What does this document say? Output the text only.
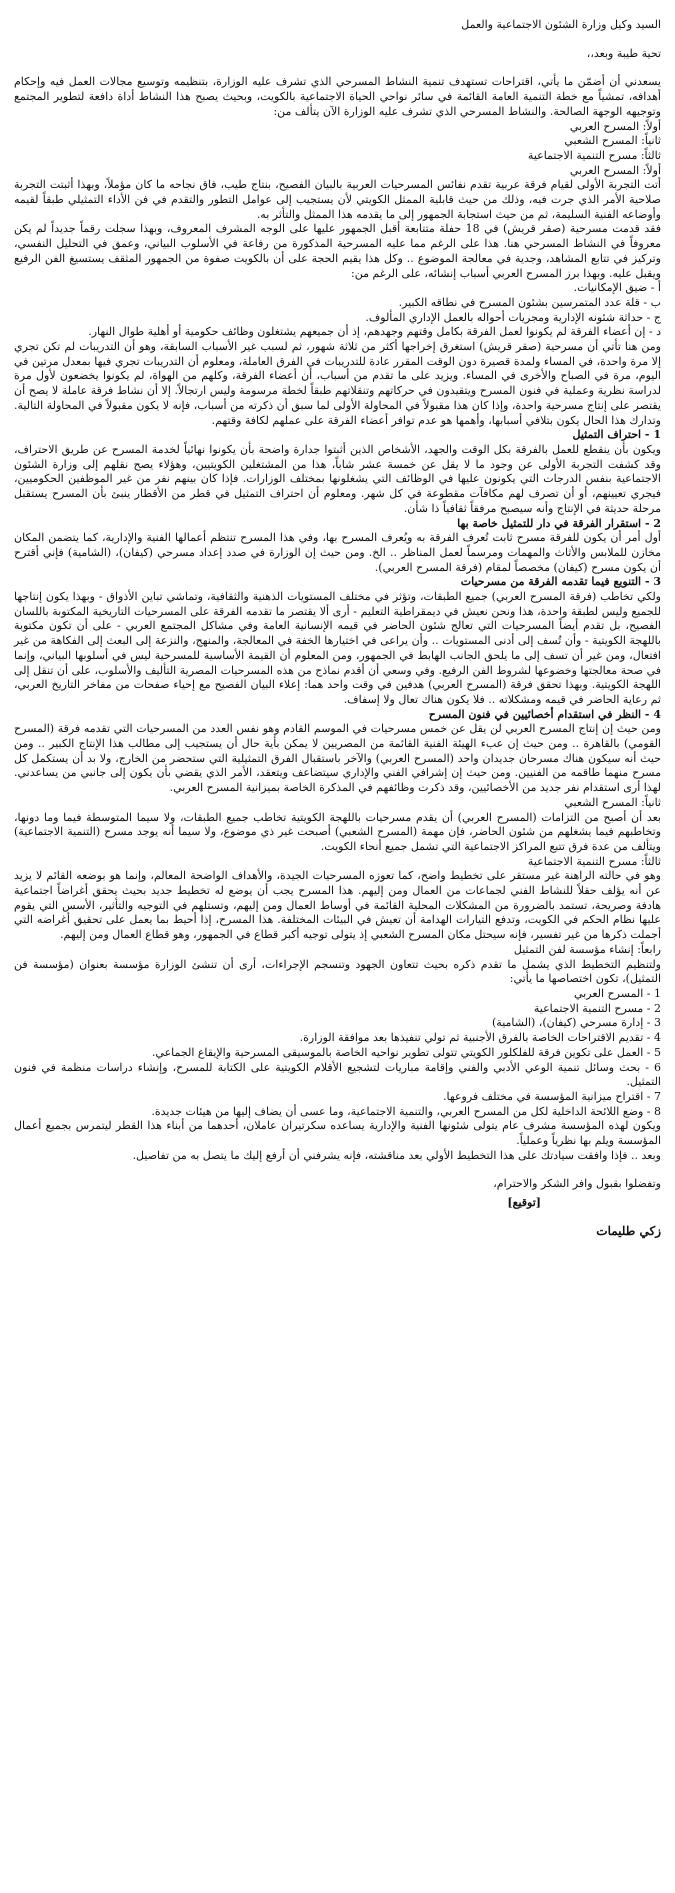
السيد وكيل وزارة الشئون الاجتماعية والعمل

تحية طيبة وبعد،،

يسعدني أن أضمّن ما يأتي، اقتراحات تستهدف تنمية النشاط المسرحي الذي تشرف عليه الوزارة، بتنظيمه وتوسيع مجالات العمل فيه وإحكام أهدافه، تمشياً مع خطة التنمية العامة القائمة في سائر نواحي الحياة الاجتماعية بالكويت، وبحيث يصبح هذا النشاط أداة دافعة لتطوير المجتمع وتوجيهه الوجهة الصالحة. والنشاط المسرحي الذي تشرف عليه الوزارة الآن يتألف من:

أولاً: المسرح العربي

ثانياً: المسرح الشعبي

ثالثاً: مسرح التنمية الاجتماعية

أولاً: المسرح العربي

أتت التجربة الأولى لقيام فرقة عربية تقدم نفائس المسرحيات العربية بالبيان الفصيح، بنتاج طيب، فاق نجاحه ما كان مؤملاً، وبهذا أثبتت التجربة صلاحية الأمر الذي جرت فيه، وذلك من حيث قابلية الممثل الكويتي لأن يستجيب إلى عوامل التطور والتقدم في فن الأداء التمثيلي طبقاً لقيمه وأوضاعه الفنية السليمة، ثم من حيث استجابة الجمهور إلى ما يقدمه هذا الممثل والتأثر به.

فقد قدمت مسرحية (صقر قريش) في 18 حفلة متتابعة أقبل الجمهور عليها على الوجه المشرف المعروف، وبهذا سجلت رقماً جديداً لم يكن معروفاً في النشاط المسرحي هنا. هذا على الرغم مما عليه المسرحية المذكورة من رفاعة في الأسلوب البياني، وعمق في التحليل النفسي، وتركيز في تتابع المشاهد، وجدية في معالجة الموضوع .. وكل هذا يقيم الحجة على أن بالكويت صفوة من الجمهور المثقف يستسيغ الفن الرفيع ويقبل عليه. وبهذا برز المسرح العربي أسباب إنشائه، على الرغم من:

أ - ضيق الإمكانيات.

ب - قلة عدد المتمرسين بشئون المسرح في نطاقه الكبير.

ج - حداثة شئونه الإدارية ومجريات أحواله بالعمل الإداري المألوف.

د - إن أعضاء الفرقة لم يكونوا لعمل الفرقة بكامل وقتهم وجهدهم، إذ أن جميعهم يشتغلون وظائف حكومية أو أهلية طوال النهار.

ومن هنا تأتي أن مسرحية (صقر قريش) استغرق إخراجها أكثر من ثلاثة شهور، ثم لسبب غير الأسباب السابقة، وهو أن التدريبات لم تكن تجري إلا مرة واحدة، في المساء ولمدة قصيرة دون الوقت المقرر عادة للتدريبات في الفرق العاملة، ومعلوم أن التدريبات تجري فيها بمعدل مرتين في اليوم، مرة في الصباح والأخرى في المساء. ويزيد على ما تقدم من أسباب، أن أعضاء الفرقة، وكلهم من الهواة، لم يكونوا يخضعون لأول مرة لدراسة نظرية وعملية في فنون المسرح ويتقيدون في حركاتهم وتنقلاتهم طبقاً لخطة مرسومة وليس ارتجالاً. إلا أن نشاط فرقة عاملة لا يصح أن يقتصر على إنتاج مسرحية واحدة، وإذا كان هذا مقبولاً في المحاولة الأولى لما سبق أن ذكرته من أسباب، فإنه لا يكون مقبولاً في المحاولة التالية. وتدارك هذا الحال يكون بتلافي أسبابها، وأهمها هو عدم توافر أعضاء الفرقة على عملهم لكافة وقتهم.

1 - احتراف التمثيل

ويكون بأن ينقطع للعمل بالفرقة بكل الوقت والجهد، الأشخاص الذين أثبتوا جدارة واضحة بأن يكونوا نهائياً لخدمة المسرح عن طريق الاحتراف، وقد كشفت التجربة الأولى عن وجود ما لا يقل عن خمسة عشر شاباً، هذا من المشتغلين الكويتيين، وهؤلاء يصح نقلهم إلى وزارة الشئون الاجتماعية بنفس الدرجات التي يكونون عليها في الوظائف التي يشغلونها بمختلف الوزارات. فإذا كان بينهم نفر من غير الموظفين الحكوميين، فيجري تعيينهم، أو أن تصرف لهم مكافآت مقطوعة في كل شهر. ومعلوم أن احتراف التمثيل في قطر من الأقطار ينبئ بأن المسرح يستقبل مرحلة حديثة في الإنتاج وأنه سيصبح مرفقاً ثقافياً ذا شأن.

2 - استقرار الفرقة في دار للتمثيل خاصة بها

أول أمر أن يكون للفرقة مسرح ثابت تُعرف الفرقة به ويُعرف المسرح بها، وفي هذا المسرح تنتظم أعمالها الفنية والإدارية، كما يتضمن المكان مخازن للملابس والأثاث والمهمات ومرسماً لعمل المناظر .. الخ. ومن حيث إن الوزارة في صدد إعداد مسرحي (كيفان)، (الشامية) فإني أقترح أن يكون مسرح (كيفان) مخصصاً لمقام (فرقة المسرح العربي).

3 - التنويع فيما تقدمه الفرقة من مسرحيات

ولكي تخاطب (فرقة المسرح العربي) جميع الطبقات، وتؤثر في مختلف المستويات الذهنية والثقافية، وتماشي تباين الأذواق - وبهذا يكون إنتاجها للجميع وليس لطبقة واحدة، هذا ونحن نعيش في ديمقراطية التعليم - أرى ألا يقتصر ما تقدمه الفرقة على المسرحيات التاريخية المكتوبة باللسان الفصيح، بل تقدم أيضاً المسرحيات التي تعالج شئون الحاضر في قيمه الإنسانية العامة وفي مشاكل المجتمع العربي - على أن تكون مكتوبة باللهجة الكويتية - وأن تُسف إلى أدنى المستويات .. وأن يراعى في اختيارها الخفة في المعالجة، والمنهج، والنزعة إلى البعث إلى الفكاهة من غير افتعال، ومن غير أن تسف إلى ما يلحق الجانب الهابط في الجمهور، ومن المعلوم أن القيمة الأساسية للمسرحية ليس في أسلوبها البياني، وإنما في صحة معالجتها وخضوعها لشروط الفن الرفيع. وفي وسعي أن أقدم نماذج من هذه المسرحيات المصرية التأليف والأسلوب، على أن تنقل إلى اللهجة الكويتية. وبهذا تحقق فرقة (المسرح العربي) هدفين في وقت واحد هما: إعلاء البيان الفصيح مع إحياء صفحات من مفاخر التاريخ العربي، ثم رعاية الحاضر في قيمه ومشكلاته .. فلا يكون هناك تعال ولا إسفاف.

4 - النظر في استقدام أخصائيين في فنون المسرح

ومن حيث إن إنتاج المسرح العربي لن يقل عن خمس مسرحيات في الموسم القادم وهو نفس العدد من المسرحيات التي تقدمه فرقة (المسرح القومي) بالقاهرة .. ومن حيث إن عبء الهيئة الفنية القائمة من المصريين لا يمكن بأية حال أن يستجيب إلى مطالب هذا الإنتاج الكبير .. ومن حيث أنه سيكون هناك مسرحان جديدان واحد (المسرح العربي) والآخر باستقبال الفرق التمثيلية التي ستحضر من الخارج، ولا بد أن يستكمل كل مسرح منهما طاقمه من الفنيين. ومن حيث إن إشرافي الفني والإداري سيتضاعف ويتعقد، الأمر الذي يقضي بأن يكون إلى جانبي من يساعدني. لهذا أرى استقدام نفر جديد من الأخصائيين، وقد ذكرت وظائفهم في المذكرة الخاصة بميزانية المسرح العربي.

ثانياً: المسرح الشعبي

بعد أن أصبح من التزامات (المسرح العربي) أن يقدم مسرحيات باللهجة الكويتية تخاطب جميع الطبقات، ولا سيما المتوسطة فيما وما دونها، وتخاطبهم فيما يشغلهم من شئون الحاضر، فإن مهمة (المسرح الشعبي) أصبحت غير ذي موضوع، ولا سيما أنه يوجد مسرح (التنمية الاجتماعية) ويتألف من عدة فرق تتبع المراكز الاجتماعية التي تشمل جميع أنحاء الكويت.

ثالثاً: مسرح التنمية الاجتماعية

وهو في حالته الراهنة غير مستقر على تخطيط واضح، كما تعوزه المسرحيات الجيدة، والأهداف الواضحة المعالم، وإنما هو بوضعه القائم لا يزيد عن أنه يؤلف حقلاً للنشاط الفني لجماعات من العمال ومن إليهم. هذا المسرح يجب أن يوضع له تخطيط جديد بحيث يحقق أغراضاً اجتماعية هادفة وصريحة، تستمد بالضرورة من المشكلات المحلية القائمة في أوساط العمال ومن إليهم، وتستلهم في التوجيه والتأثير، الأسس التي يقوم عليها نظام الحكم في الكويت، وتدفع التيارات الهدامة أن تعيش في البيئات المختلفة. هذا المسرح، إذا أحيط بما يعمل على تحقيق أغراضه التي أجملت ذكرها من غير تفسير، فإنه سيحتل مكان المسرح الشعبي إذ يتولى توجيه أكبر قطاع في الجمهور، وهو قطاع العمال ومن إليهم.

رابعاً: إنشاء مؤسسة لفن التمثيل

ولتنظيم التخطيط الذي يشمل ما تقدم ذكره بحيث تتعاون الجهود وتنسجم الإجراءات، أرى أن تنشئ الوزارة مؤسسة بعنوان (مؤسسة فن التمثيل)، تكون اختصاصها ما يأتي:

1 - المسرح العربي

2 - مسرح التنمية الاجتماعية

3 - إدارة مسرحي (كيفان)، (الشامية)

4 - تقديم الاقتراحات الخاصة بالفرق الأجنبية ثم تولي تنفيذها بعد موافقة الوزارة.

5 - العمل على تكوين فرقة للفلكلور الكويتي تتولى تطوير نواحيه الخاصة بالموسيقى المسرحية والإيقاع الجماعي.

6 - بحث وسائل تنمية الوعي الأدبي والفني وإقامة مباريات لتشجيع الأقلام الكويتية على الكتابة للمسرح، وإنشاء دراسات منظمة في فنون التمثيل.

7 - اقتراح ميزانية المؤسسة في مختلف فروعها.

8 - وضع اللائحة الداخلية لكل من المسرح العربي، والتنمية الاجتماعية، وما عسى أن يضاف إليها من هيئات جديدة.

ويكون لهذه المؤسسة مشرف عام يتولى شئونها الفنية والإدارية يساعده سكرتيران عاملان، أحدهما من أبناء هذا القطر ليتمرس بجميع أعمال المؤسسة ويلم بها نظرياً وعملياً.

وبعد .. فإذا وافقت سيادتك على هذا التخطيط الأولي بعد مناقشته، فإنه يشرفني أن أرفع إليك ما يتصل به من تفاصيل.

وتفضلوا بقبول وافر الشكر والاحترام،

[توقيع]

زكي طليمات
